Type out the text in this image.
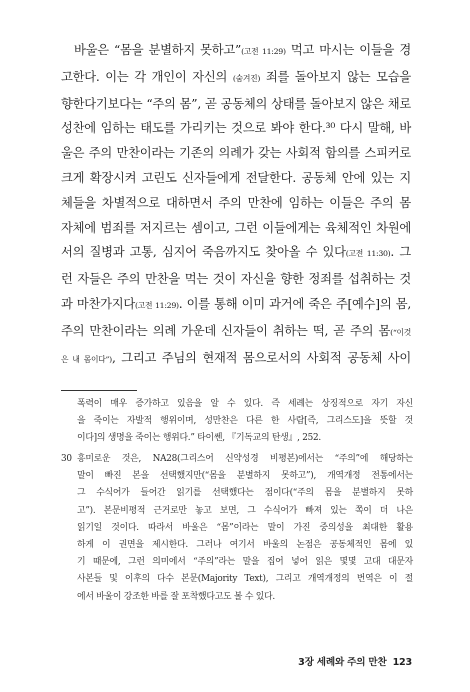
바울은 “몸을 분별하지 못하고”(고전 11:29) 먹고 마시는 이들을 경
고한다. 이는 각 개인이 자신의 (숨겨진) 죄를 돌아보지 않는 모습을
향한다기보다는 “주의 몸”, 곧 공동체의 상태를 돌아보지 않은 채로
성찬에 임하는 태도를 가리키는 것으로 봐야 한다.³⁰ 다시 말해, 바
울은 주의 만찬이라는 기존의 의례가 갖는 사회적 함의를 스피커로
크게 확장시켜 고린도 신자들에게 전달한다. 공동체 안에 있는 지
체들을 차별적으로 대하면서 주의 만찬에 임하는 이들은 주의 몸
자체에 범죄를 저지르는 셈이고, 그런 이들에게는 육체적인 차원에
서의 질병과 고통, 심지어 죽음까지도 찾아올 수 있다(고전 11:30). 그
런 자들은 주의 만찬을 먹는 것이 자신을 향한 정죄를 섭취하는 것
과 마찬가지다(고전 11:29). 이를 통해 이미 과거에 죽은 주[예수]의 몸,
주의 만찬이라는 의례 가운데 신자들이 취하는 떡, 곧 주의 몸(“이것
은 내 몸이다”), 그리고 주님의 현재적 몸으로서의 사회적 공동체 사이
폭력이 매우 증가하고 있음을 알 수 있다. 즉 세례는 상징적으로 자기 자신
을 죽이는 자발적 행위이며, 성만찬은 다른 한 사람[즉, 그리스도]을 뜻할 것
이다]의 생명을 죽이는 행위다.” 타이쎈, 『기독교의 탄생』, 252.
30 흥미로운 것은, NA28(그리스어 신약성경 비평본)에서는 “주의”에 해당하는
말이 빠진 본을 선택했지만(“몸을 분별하지 못하고”), 개역개정 전통에서는
그 수식어가 들어간 읽기를 선택했다는 점이다(“주의 몸을 분별하지 못하
고”). 본문비평적 근거로만 놓고 보면, 그 수식어가 빠져 있는 쪽이 더 나은
읽기일 것이다. 따라서 바울은 “몸”이라는 말이 가진 중의성을 최대한 활용
하게 이 권면을 제시한다. 그러나 여기서 바울의 논점은 공동체적인 몸에 있
기 때문에, 그런 의미에서 “주의”라는 말을 집어 넣어 읽은 몇몇 고대 대문자
사본들 및 이후의 다수 본문(Majority Text), 그리고 개역개정의 번역은 이 절
에서 바울이 강조한 바를 잘 포착했다고도 볼 수 있다.
3장 세례와 주의 만찬 123
